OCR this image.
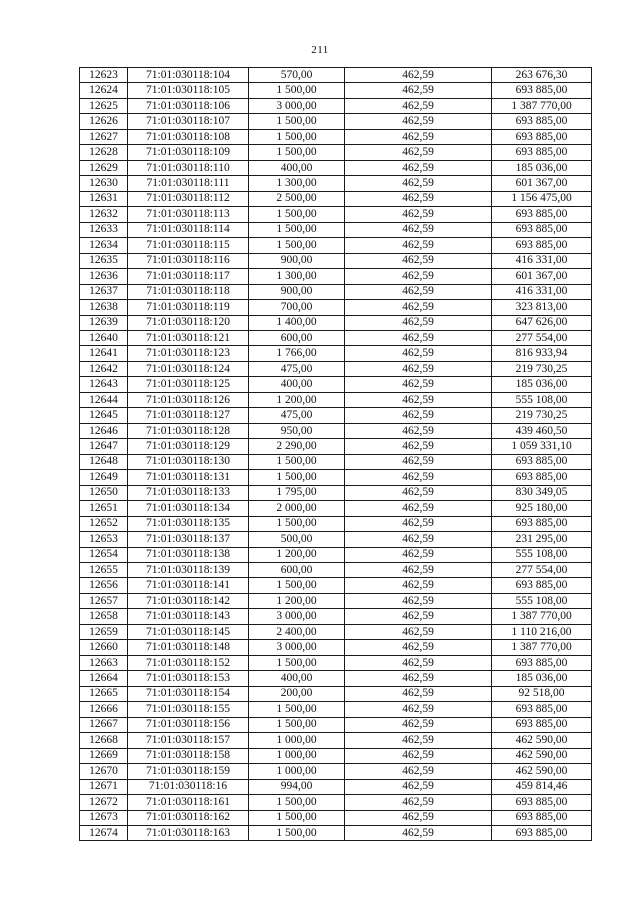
211
12623	71:01:030118:104	570,00	462,59	263 676,30
12624	71:01:030118:105	1 500,00	462,59	693 885,00
12625	71:01:030118:106	3 000,00	462,59	1 387 770,00
12626	71:01:030118:107	1 500,00	462,59	693 885,00
12627	71:01:030118:108	1 500,00	462,59	693 885,00
12628	71:01:030118:109	1 500,00	462,59	693 885,00
12629	71:01:030118:110	400,00	462,59	185 036,00
12630	71:01:030118:111	1 300,00	462,59	601 367,00
12631	71:01:030118:112	2 500,00	462,59	1 156 475,00
12632	71:01:030118:113	1 500,00	462,59	693 885,00
12633	71:01:030118:114	1 500,00	462,59	693 885,00
12634	71:01:030118:115	1 500,00	462,59	693 885,00
12635	71:01:030118:116	900,00	462,59	416 331,00
12636	71:01:030118:117	1 300,00	462,59	601 367,00
12637	71:01:030118:118	900,00	462,59	416 331,00
12638	71:01:030118:119	700,00	462,59	323 813,00
12639	71:01:030118:120	1 400,00	462,59	647 626,00
12640	71:01:030118:121	600,00	462,59	277 554,00
12641	71:01:030118:123	1 766,00	462,59	816 933,94
12642	71:01:030118:124	475,00	462,59	219 730,25
12643	71:01:030118:125	400,00	462,59	185 036,00
12644	71:01:030118:126	1 200,00	462,59	555 108,00
12645	71:01:030118:127	475,00	462,59	219 730,25
12646	71:01:030118:128	950,00	462,59	439 460,50
12647	71:01:030118:129	2 290,00	462,59	1 059 331,10
12648	71:01:030118:130	1 500,00	462,59	693 885,00
12649	71:01:030118:131	1 500,00	462,59	693 885,00
12650	71:01:030118:133	1 795,00	462,59	830 349,05
12651	71:01:030118:134	2 000,00	462,59	925 180,00
12652	71:01:030118:135	1 500,00	462,59	693 885,00
12653	71:01:030118:137	500,00	462,59	231 295,00
12654	71:01:030118:138	1 200,00	462,59	555 108,00
12655	71:01:030118:139	600,00	462,59	277 554,00
12656	71:01:030118:141	1 500,00	462,59	693 885,00
12657	71:01:030118:142	1 200,00	462,59	555 108,00
12658	71:01:030118:143	3 000,00	462,59	1 387 770,00
12659	71:01:030118:145	2 400,00	462,59	1 110 216,00
12660	71:01:030118:148	3 000,00	462,59	1 387 770,00
12663	71:01:030118:152	1 500,00	462,59	693 885,00
12664	71:01:030118:153	400,00	462,59	185 036,00
12665	71:01:030118:154	200,00	462,59	92 518,00
12666	71:01:030118:155	1 500,00	462,59	693 885,00
12667	71:01:030118:156	1 500,00	462,59	693 885,00
12668	71:01:030118:157	1 000,00	462,59	462 590,00
12669	71:01:030118:158	1 000,00	462,59	462 590,00
12670	71:01:030118:159	1 000,00	462,59	462 590,00
12671	71:01:030118:16	994,00	462,59	459 814,46
12672	71:01:030118:161	1 500,00	462,59	693 885,00
12673	71:01:030118:162	1 500,00	462,59	693 885,00
12674	71:01:030118:163	1 500,00	462,59	693 885,00
